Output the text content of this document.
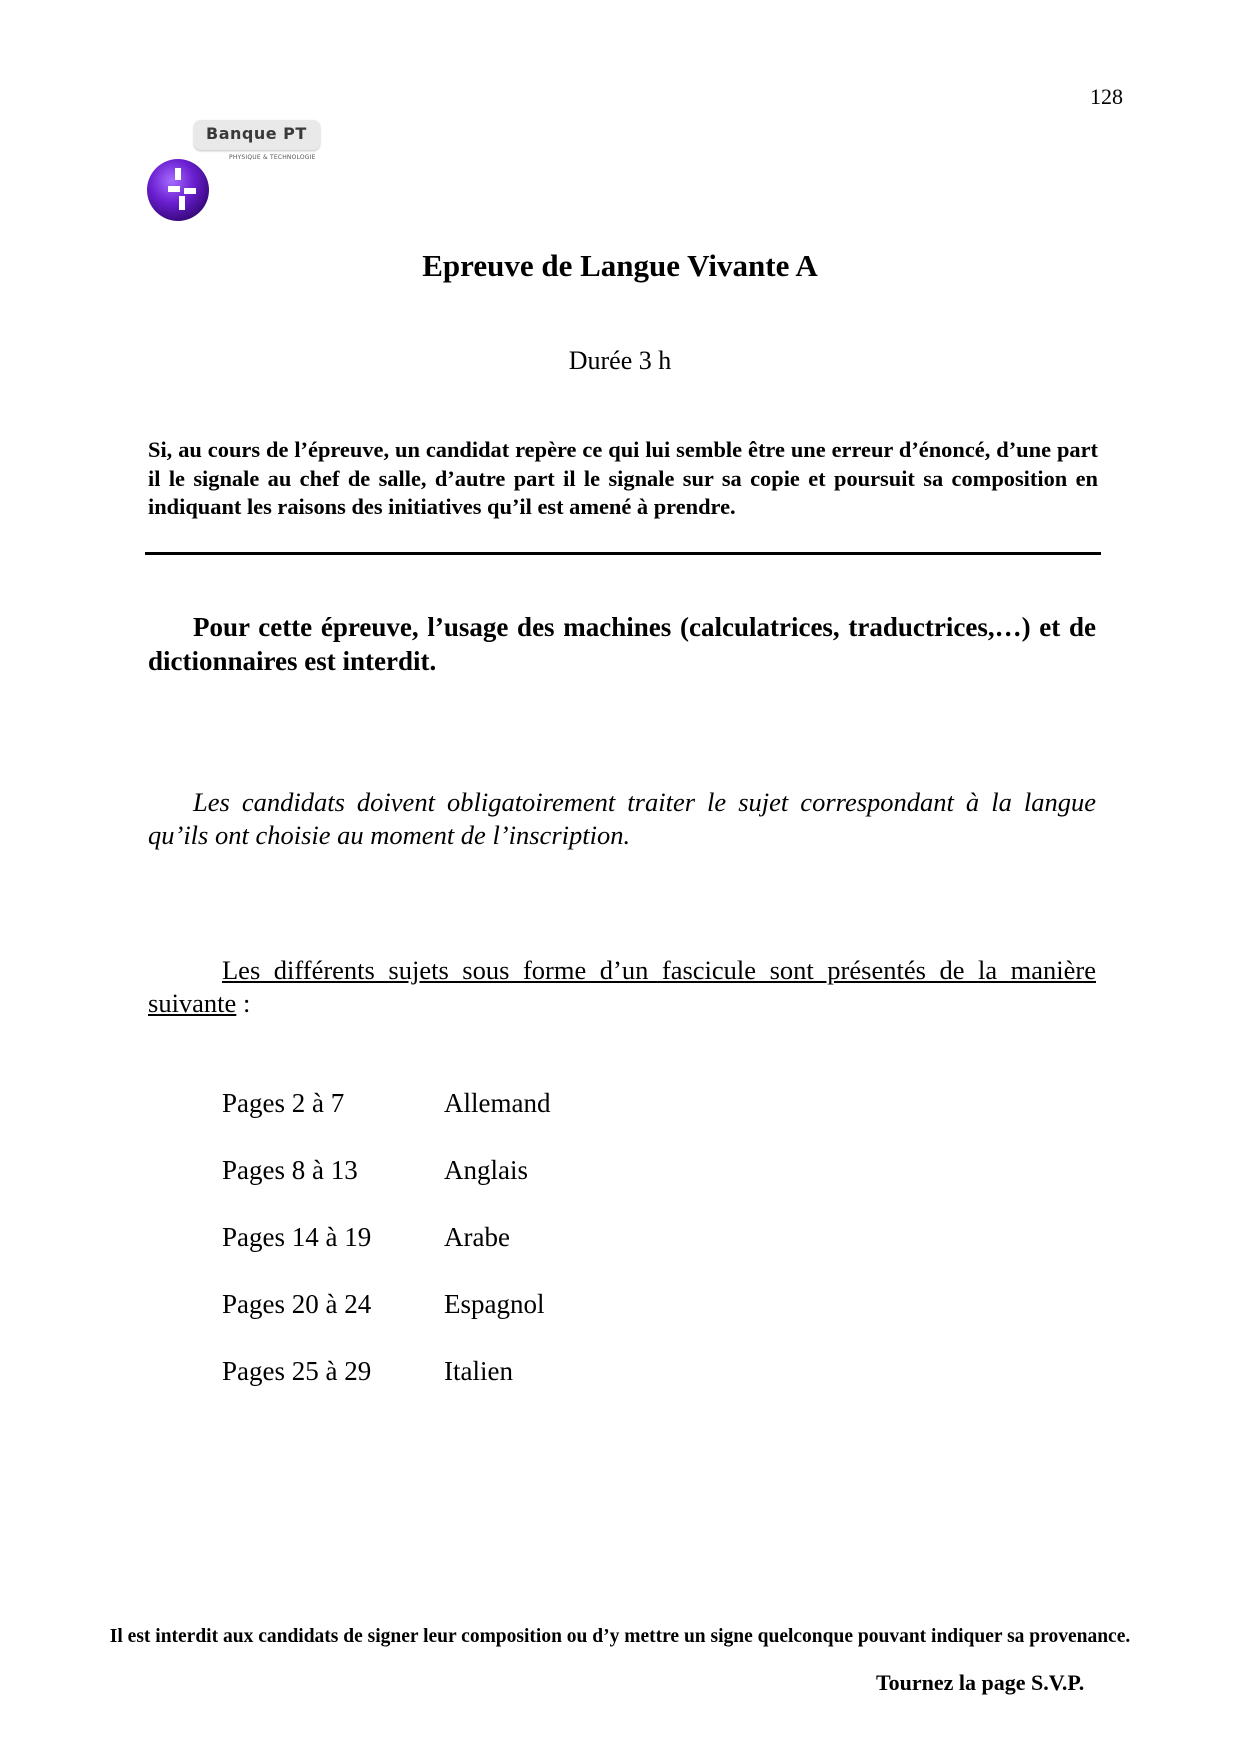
128
Banque PT
PHYSIQUE & TECHNOLOGIE
Epreuve de Langue Vivante A
Durée 3 h
Si, au cours de l’épreuve, un candidat repère ce qui lui semble être une erreur d’énoncé, d’une part il le signale au chef de salle, d’autre part il le signale sur sa copie et poursuit sa composition en indiquant les raisons des initiatives qu’il est amené à prendre.
Pour cette épreuve, l’usage des machines (calculatrices, traductrices,…) et de dictionnaires est interdit.
Les candidats doivent obligatoirement traiter le sujet correspondant à la langue qu’ils ont choisie au moment de l’inscription.
Les différents sujets sous forme d’un fascicule sont présentés de la manière suivante :
Pages 2 à 7	Allemand
Pages 8 à 13	Anglais
Pages 14 à 19	Arabe
Pages 20 à 24	Espagnol
Pages 25 à 29	Italien
Il est interdit aux candidats de signer leur composition ou d’y mettre un signe quelconque pouvant indiquer sa provenance.
Tournez la page S.V.P.
